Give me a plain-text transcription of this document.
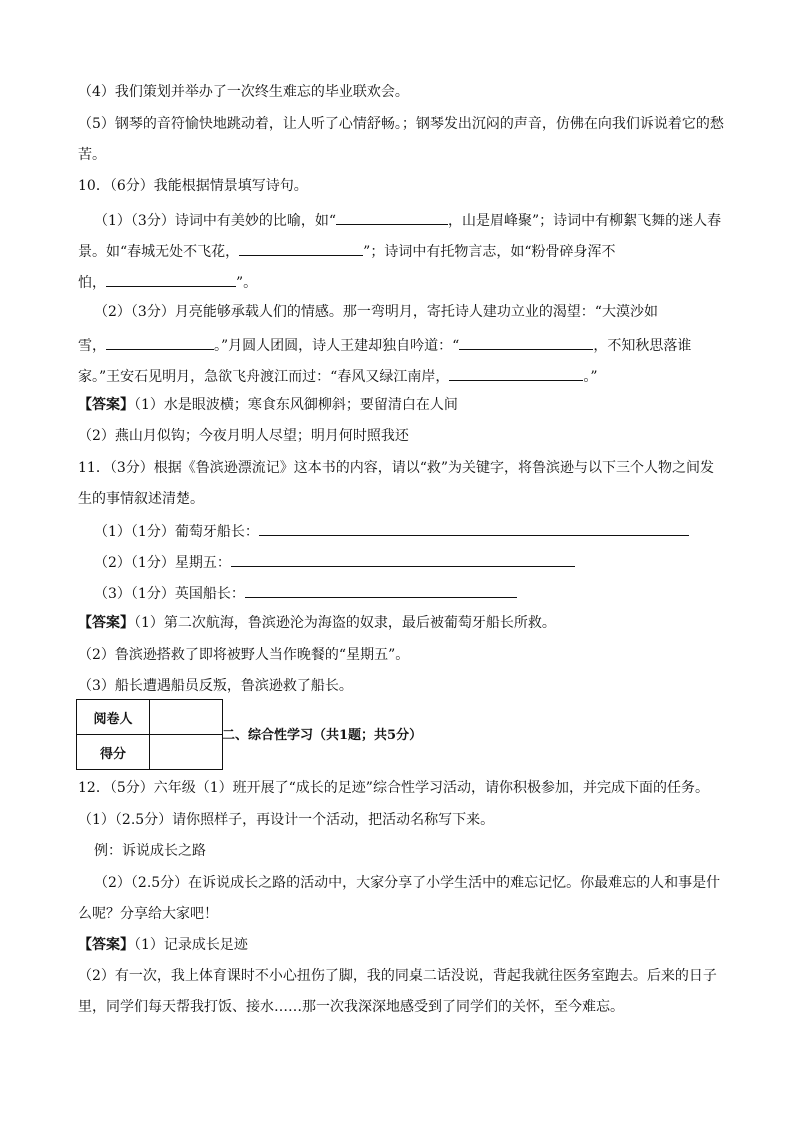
（4）我们策划并举办了一次终生难忘的毕业联欢会。
（5）钢琴的音符愉快地跳动着，让人听了心情舒畅。；钢琴发出沉闷的声音，仿佛在向我们诉说着它的愁
苦。
10．（6分）我能根据情景填写诗句。
（1）（3分）诗词中有美妙的比喻，如“	，山是眉峰聚”；诗词中有柳絮飞舞的迷人春
景。如“春城无处不飞花，	”；诗词中有托物言志，如“粉骨碎身浑不
怕，	”。
（2）（3分）月亮能够承载人们的情感。那一弯明月，寄托诗人建功立业的渴望：“大漠沙如
雪，	。”月圆人团圆，诗人王建却独自吟道：“	，不知秋思落谁
家。”王安石见明月，急欲飞舟渡江而过：“春风又绿江南岸，	。”
【答案】（1）水是眼波横；寒食东风御柳斜；要留清白在人间
（2）燕山月似钩；今夜月明人尽望；明月何时照我还
11．（3分）根据《鲁滨逊漂流记》这本书的内容，请以“救”为关键字，将鲁滨逊与以下三个人物之间发
生的事情叙述清楚。
（1）（1分）葡萄牙船长：
（2）（1分）星期五：
（3）（1分）英国船长：
【答案】（1）第二次航海，鲁滨逊沦为海盗的奴隶，最后被葡萄牙船长所救。
（2）鲁滨逊搭救了即将被野人当作晚餐的“星期五”。
（3）船长遭遇船员反叛，鲁滨逊救了船长。
阅卷人	
得分	
二、综合性学习（共1题；共5分）
12．（5分）六年级（1）班开展了“成长的足迹”综合性学习活动，请你积极参加，并完成下面的任务。
（1）（2.5分）请你照样子，再设计一个活动，把活动名称写下来。
例：诉说成长之路
（2）（2.5分）在诉说成长之路的活动中，大家分享了小学生活中的难忘记忆。你最难忘的人和事是什
么呢？分享给大家吧！
【答案】（1）记录成长足迹
（2）有一次，我上体育课时不小心扭伤了脚，我的同桌二话没说，背起我就往医务室跑去。后来的日子
里，同学们每天帮我打饭、接水……那一次我深深地感受到了同学们的关怀，至今难忘。
